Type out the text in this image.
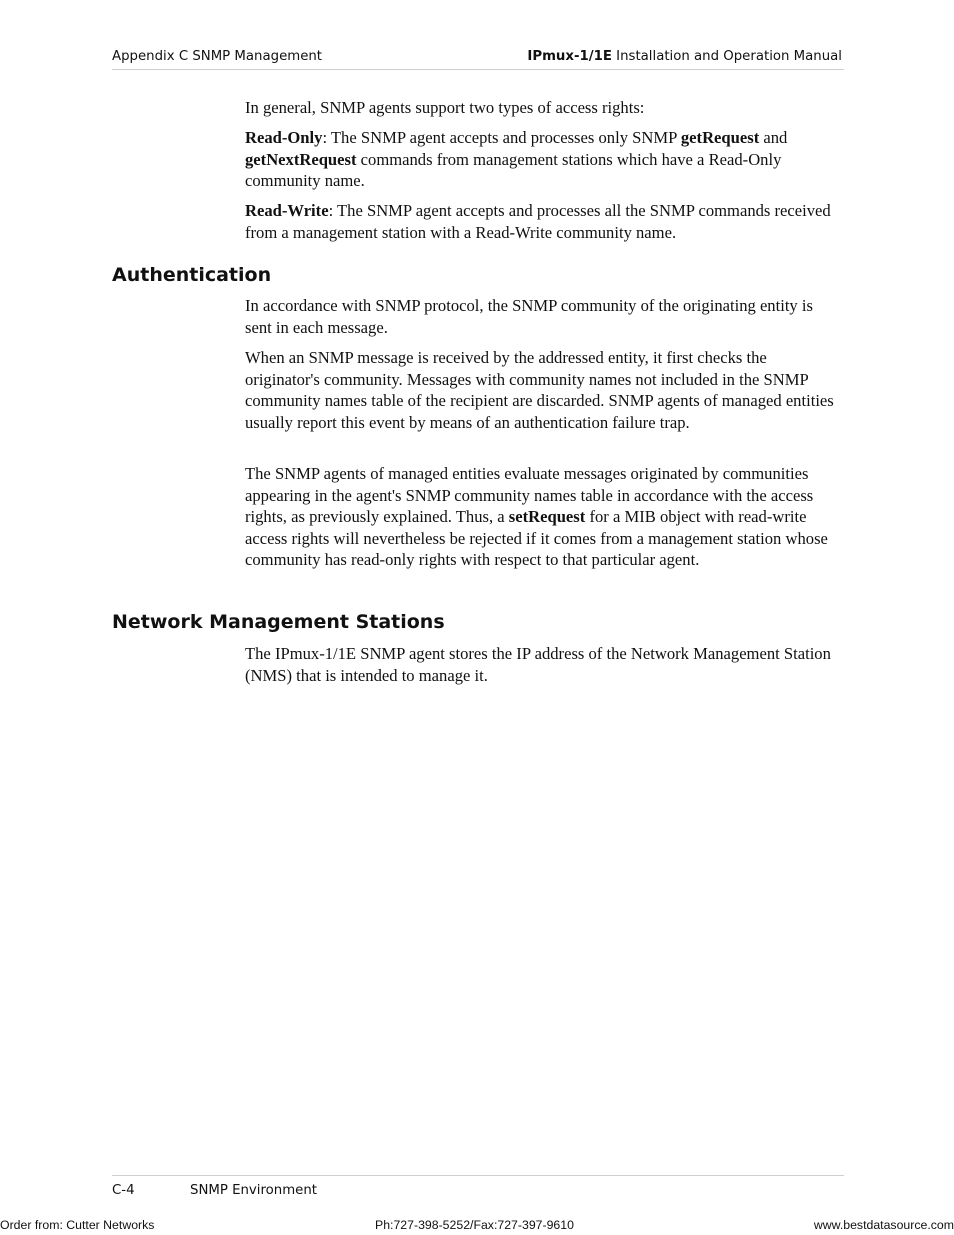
Appendix C SNMP Management	IPmux-1/1E Installation and Operation Manual

In general, SNMP agents support two types of access rights:

Read-Only: The SNMP agent accepts and processes only SNMP getRequest and getNextRequest commands from management stations which have a Read-Only community name.

Read-Write: The SNMP agent accepts and processes all the SNMP commands received from a management station with a Read-Write community name.

Authentication

In accordance with SNMP protocol, the SNMP community of the originating entity is sent in each message.

When an SNMP message is received by the addressed entity, it first checks the originator's community. Messages with community names not included in the SNMP community names table of the recipient are discarded. SNMP agents of managed entities usually report this event by means of an authentication failure trap.

The SNMP agents of managed entities evaluate messages originated by communities appearing in the agent's SNMP community names table in accordance with the access rights, as previously explained. Thus, a setRequest for a MIB object with read-write access rights will nevertheless be rejected if it comes from a management station whose community has read-only rights with respect to that particular agent.

Network Management Stations

The IPmux-1/1E SNMP agent stores the IP address of the Network Management Station (NMS) that is intended to manage it.

C-4	SNMP Environment
Order from: Cutter Networks	Ph:727-398-5252/Fax:727-397-9610	www.bestdatasource.com
